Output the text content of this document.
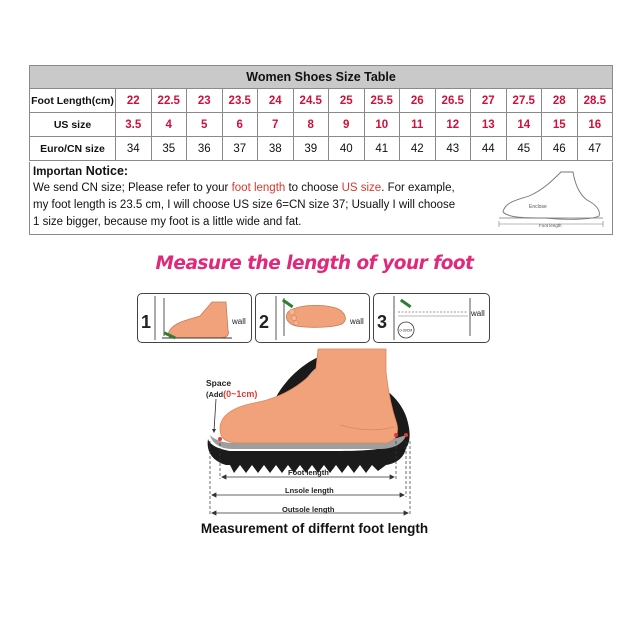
Women Shoes Size Table														
Foot Length(cm)	22	22.5	23	23.5	24	24.5	25	25.5	26	26.5	27	27.5	28	28.5
US size	3.5	4	5	6	7	8	9	10	11	12	13	14	15	16
Euro/CN size	34	35	36	37	38	39	40	41	42	43	44	45	46	47
Importan Notice:
We send CN size; Please refer to your foot length to choose US size. For example,
my foot length is 23.5 cm, I will choose US size 6=CN size 37; Usually I will choose
1 size bigger, because my foot is a little wide and fat.
Enclose
Foot length
Measure the length of your foot
1	wall 2	wall
0-30CM
3	wall
Space
(Add(0~1cm)
Foot length
Lnsole length
Outsole length
Measurement of differnt foot length
